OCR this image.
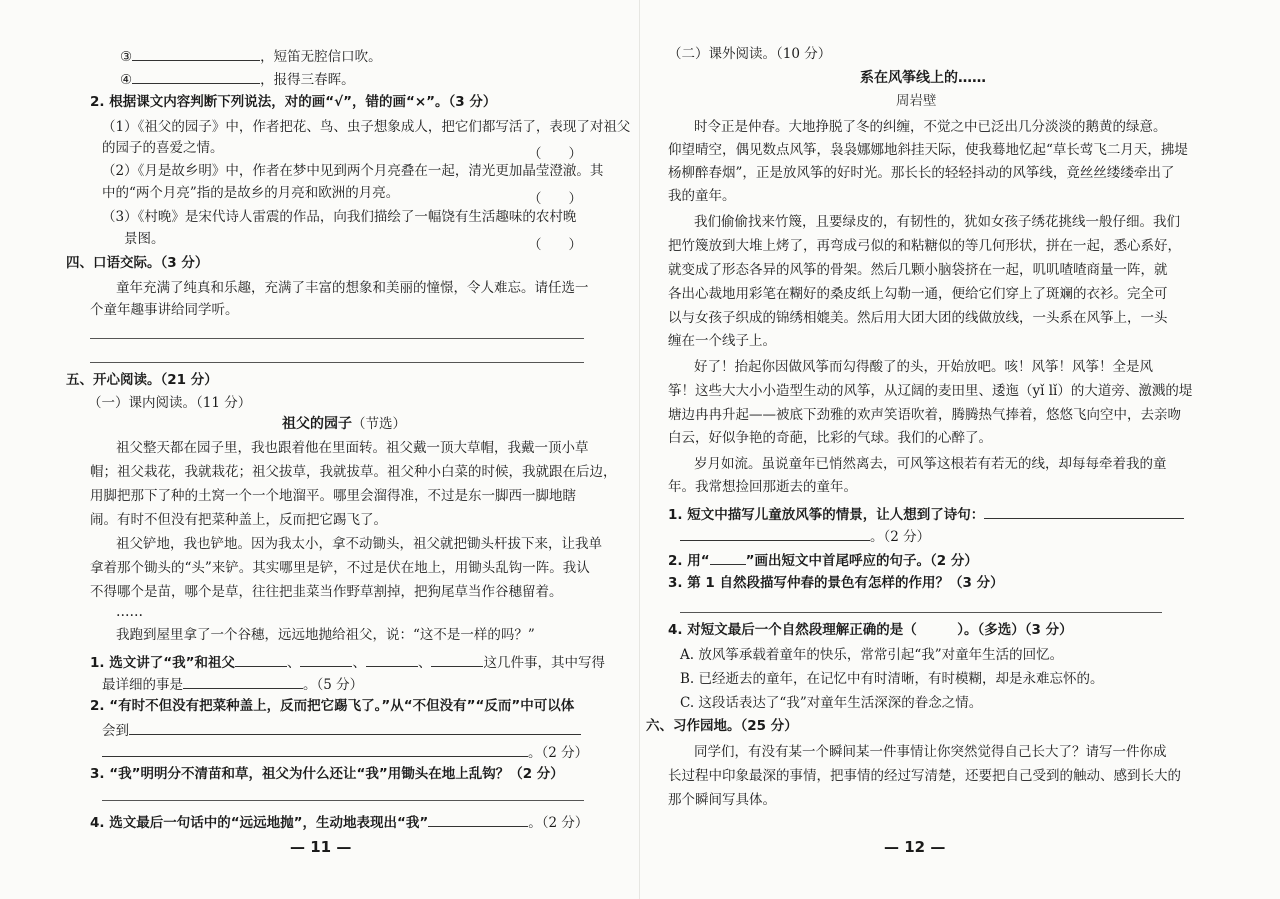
③	，短笛无腔信口吹。
④	，报得三春晖。
2. 根据课文内容判断下列说法，对的画“√”，错的画“×”。（3 分）
（1）《祖父的园子》中，作者把花、鸟、虫子想象成人，把它们都写活了，表现了对祖父
的园子的喜爱之情。	（　　）
（2）《月是故乡明》中，作者在梦中见到两个月亮叠在一起，清光更加晶莹澄澈。其
中的“两个月亮”指的是故乡的月亮和欧洲的月亮。	（　　）
（3）《村晚》是宋代诗人雷震的作品，向我们描绘了一幅饶有生活趣味的农村晚
景图。	（　　）
四、口语交际。（3 分）
童年充满了纯真和乐趣，充满了丰富的想象和美丽的憧憬，令人难忘。请任选一
个童年趣事讲给同学听。
五、开心阅读。（21 分）
（一）课内阅读。（11 分）
祖父的园子（节选）
祖父整天都在园子里，我也跟着他在里面转。祖父戴一顶大草帽，我戴一顶小草
帽；祖父栽花，我就栽花；祖父拔草，我就拔草。祖父种小白菜的时候，我就跟在后边，
用脚把那下了种的土窝一个一个地溜平。哪里会溜得准，不过是东一脚西一脚地瞎
闹。有时不但没有把菜种盖上，反而把它踢飞了。
祖父铲地，我也铲地。因为我太小，拿不动锄头，祖父就把锄头杆拔下来，让我单
拿着那个锄头的“头”来铲。其实哪里是铲，不过是伏在地上，用锄头乱钩一阵。我认
不得哪个是苗，哪个是草，往往把韭菜当作野草割掉，把狗尾草当作谷穗留着。
……
我跑到屋里拿了一个谷穗，远远地抛给祖父，说：“这不是一样的吗？”
1. 选文讲了“我”和祖父	、	、	、	这几件事，其中写得
最详细的事是	。（5 分）
2. “有时不但没有把菜种盖上，反而把它踢飞了。”从“不但没有”“反而”中可以体
会到
。（2 分）
3. “我”明明分不清苗和草，祖父为什么还让“我”用锄头在地上乱钩？（2 分）
4. 选文最后一句话中的“远远地抛”，生动地表现出“我”	。（2 分）
— 11 —
（二）课外阅读。（10 分）
系在风筝线上的……
周岩壁
时令正是仲春。大地挣脱了冬的纠缠，不觉之中已泛出几分淡淡的鹅黄的绿意。
仰望晴空，偶见数点风筝，袅袅娜娜地斜挂天际，使我蓦地忆起“草长莺飞二月天，拂堤
杨柳醉春烟”，正是放风筝的好时光。那长长的轻轻抖动的风筝线，竟丝丝缕缕牵出了
我的童年。
我们偷偷找来竹篾，且要绿皮的，有韧性的，犹如女孩子绣花挑线一般仔细。我们
把竹篾放到大堆上烤了，再弯成弓似的和粘糖似的等几何形状，拼在一起，悉心系好，
就变成了形态各异的风筝的骨架。然后几颗小脑袋挤在一起，叽叽喳喳商量一阵，就
各出心裁地用彩笔在糊好的桑皮纸上勾勒一通，便给它们穿上了斑斓的衣衫。完全可
以与女孩子织成的锦绣相媲美。然后用大团大团的线做放线，一头系在风筝上，一头
缠在一个线子上。
好了！抬起你因做风筝而勾得酸了的头，开始放吧。咳！风筝！风筝！全是风
筝！这些大大小小造型生动的风筝，从辽阔的麦田里、逶迤（yǐ lǐ）的大道旁、激溅的堤
塘边冉冉升起——被底下劲雅的欢声笑语吹着，腾腾热气捧着，悠悠飞向空中，去亲吻
白云，好似争艳的奇葩，比彩的气球。我们的心醉了。
岁月如流。虽说童年已悄然离去，可风筝这根若有若无的线，却每每牵着我的童
年。我常想捡回那逝去的童年。
1. 短文中描写儿童放风筝的情景，让人想到了诗句：
。（2 分）
2. 用“	”画出短文中首尾呼应的句子。（2 分）
3. 第 1 自然段描写仲春的景色有怎样的作用？（3 分）
4. 对短文最后一个自然段理解正确的是（　　　）。（多选）（3 分）
A. 放风筝承载着童年的快乐，常常引起“我”对童年生活的回忆。
B. 已经逝去的童年，在记忆中有时清晰，有时模糊，却是永难忘怀的。
C. 这段话表达了“我”对童年生活深深的眷念之情。
六、习作园地。（25 分）
同学们，有没有某一个瞬间某一件事情让你突然觉得自己长大了？请写一件你成
长过程中印象最深的事情，把事情的经过写清楚，还要把自己受到的触动、感到长大的
那个瞬间写具体。
— 12 —
